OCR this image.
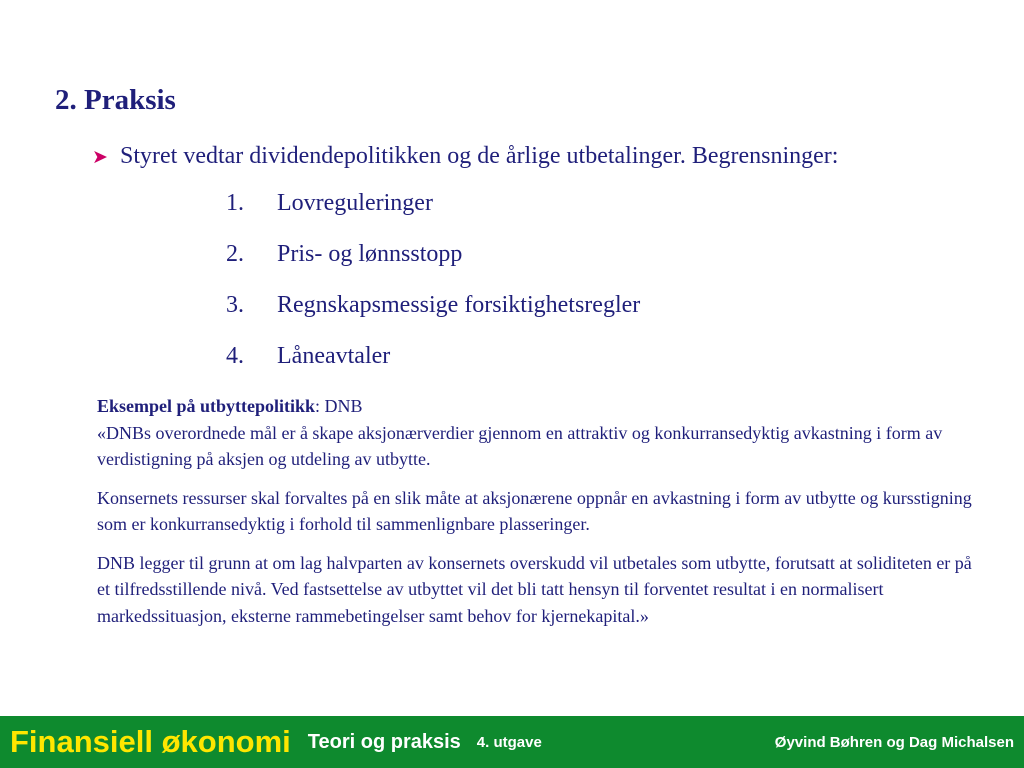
2. Praksis
➤ Styret vedtar dividendepolitikken og de årlige utbetalinger. Begrensninger:
1.	Lovreguleringer
2.	Pris- og lønnsstopp
3.	Regnskapsmessige forsiktighetsregler
4.	Låneavtaler

Eksempel på utbyttepolitikk: DNB
«DNBs overordnede mål er å skape aksjonærverdier gjennom en attraktiv og konkurransedyktig avkastning i form av verdistigning på aksjen og utdeling av utbytte.

Konsernets ressurser skal forvaltes på en slik måte at aksjonærene oppnår en avkastning i form av utbytte og kursstigning som er konkurransedyktig i forhold til sammenlignbare plasseringer.

DNB legger til grunn at om lag halvparten av konsernets overskudd vil utbetales som utbytte, forutsatt at soliditeten er på et tilfredsstillende nivå. Ved fastsettelse av utbyttet vil det bli tatt hensyn til forventet resultat i en normalisert markedssituasjon, eksterne rammebetingelser samt behov for kjernekapital.»

Finansiell økonomi Teori og praksis 4. utgave	Øyvind Bøhren og Dag Michalsen
